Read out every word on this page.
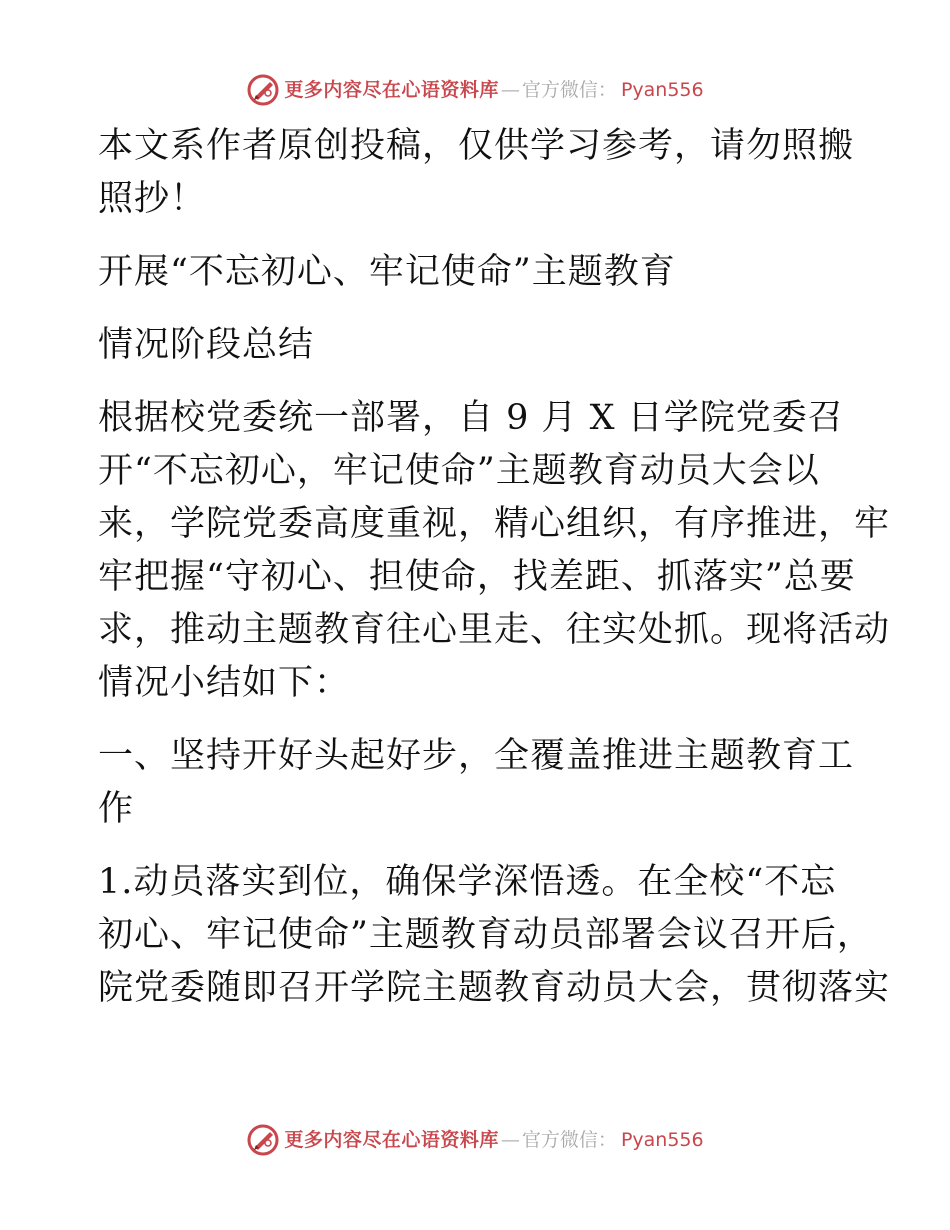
更多内容尽在心语资料库 — 官方微信： Pyan556

本文系作者原创投稿，仅供学习参考，请勿照搬
照抄！

开展“不忘初心、牢记使命”主题教育

情况阶段总结

根据校党委统一部署，自 9 月 X 日学院党委召
开“不忘初心，牢记使命”主题教育动员大会以
来，学院党委高度重视，精心组织，有序推进，牢
牢把握“守初心、担使命，找差距、抓落实”总要
求，推动主题教育往心里走、往实处抓。现将活动
情况小结如下：

一、坚持开好头起好步，全覆盖推进主题教育工
作

1.动员落实到位，确保学深悟透。在全校“不忘
初心、牢记使命”主题教育动员部署会议召开后，
院党委随即召开学院主题教育动员大会，贯彻落实

更多内容尽在心语资料库 — 官方微信： Pyan556
